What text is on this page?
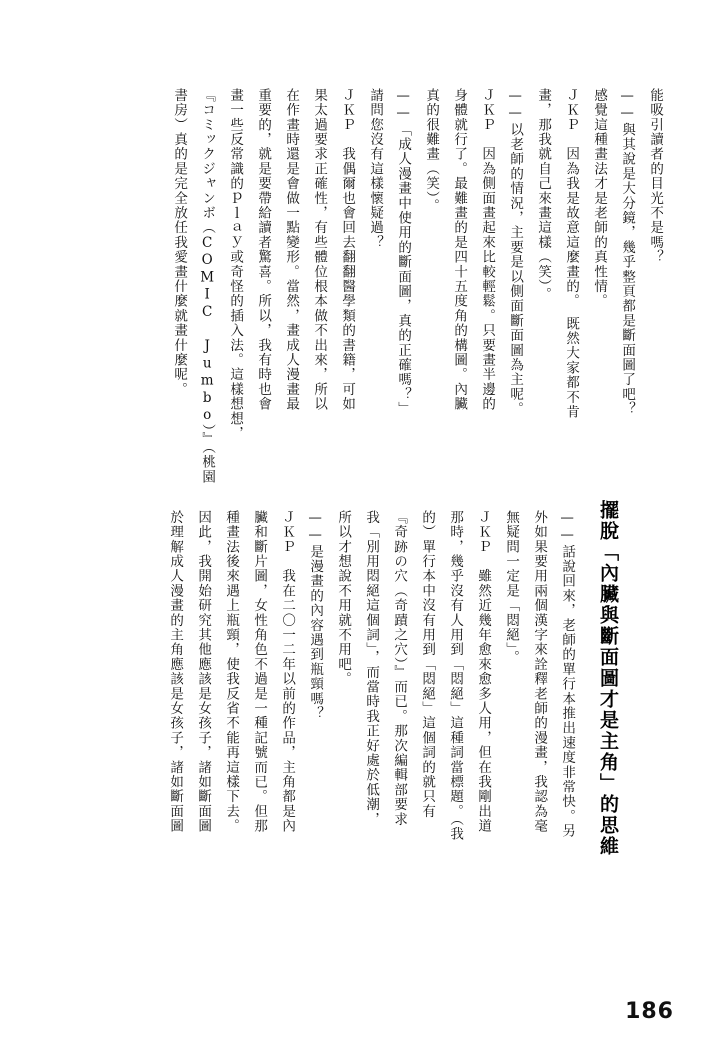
擺脫「內臟與斷面圖才是主角」的思維
能吸引讀者的目光不是嗎？
——與其說是大分鏡，幾乎整頁都是斷面圖了吧？
感覺這種畫法才是老師的真性情。
ＪＫＰ　因為我是故意這麼畫的。　既然大家都不肯
畫，那我就自己來畫這樣（笑）。
——以老師的情況，主要是以側面斷面圖為主呢。
ＪＫＰ　因為側面畫起來比較輕鬆。只要畫半邊的
身體就行了。最難畫的是四十五度角的構圖。內臟
真的很難畫（笑）。
——「成人漫畫中使用的斷面圖，真的正確嗎？」
請問您沒有這樣懷疑過？
ＪＫＰ　我偶爾也會回去翻翻醫學類的書籍，可如
果太過要求正確性，有些體位根本做不出來，所以
在作畫時還是會做一點變形。當然，畫成人漫畫最
重要的，就是要帶給讀者驚喜。所以，我有時也會
畫一些反常識的ｐｌａｙ或奇怪的插入法。這樣想想，
『コミックジャンボ（COMIC Jumbo）』（桃園
書房）真的是完全放任我愛畫什麼就畫什麼呢。
——話說回來，老師的單行本推出速度非常快。另
外如果要用兩個漢字來詮釋老師的漫畫，我認為毫
無疑問一定是「悶絕」。
ＪＫＰ　雖然近幾年愈來愈多人用，但在我剛出道
那時，幾乎沒有人用到「悶絕」這種詞當標題。（我
的）單行本中沒有用到「悶絕」這個詞的就只有
『奇跡の穴（奇蹟之穴）』而已。那次編輯部要求
我「別用悶絕這個詞」，而當時我正好處於低潮，
所以才想說不用就不用吧。
——是漫畫的內容遇到瓶頸嗎？
ＪＫＰ　我在二〇一二年以前的作品，主角都是內
臟和斷片圖，女性角色不過是一種記號而已。但那
種畫法後來遇上瓶頸，使我反省不能再這樣下去。
因此，我開始研究其他應該是女孩子，諸如斷面圖
於理解成人漫畫的主角應該是女孩子，諸如斷面圖
186
